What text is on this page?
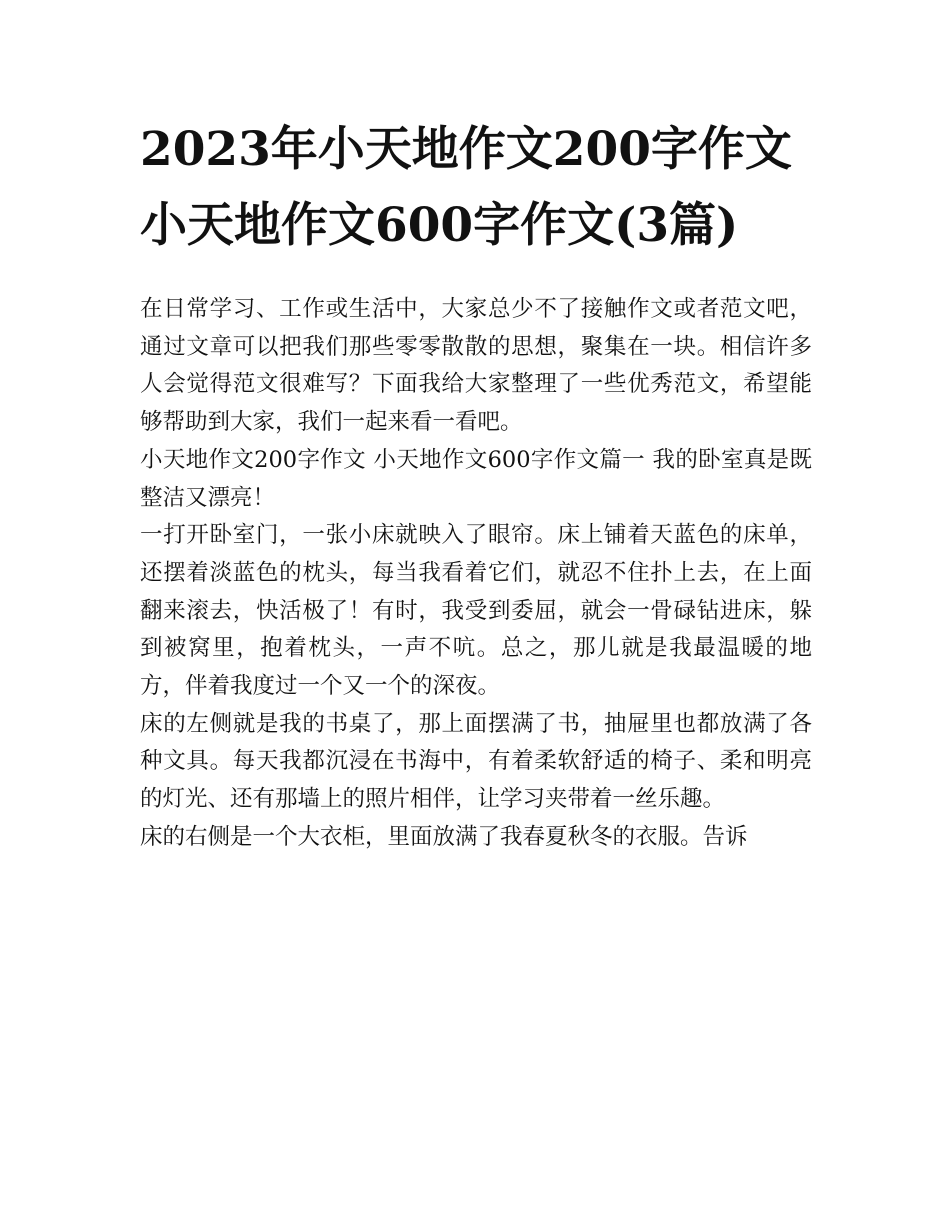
2023年小天地作文200字作文
小天地作文600字作文(3篇)

在日常学习、工作或生活中，大家总少不了接触作文或者范文吧，通过文章可以把我们那些零零散散的思想，聚集在一块。相信许多人会觉得范文很难写？下面我给大家整理了一些优秀范文，希望能够帮助到大家，我们一起来看一看吧。

小天地作文200字作文 小天地作文600字作文篇一 我的卧室真是既整洁又漂亮！

一打开卧室门，一张小床就映入了眼帘。床上铺着天蓝色的床单，还摆着淡蓝色的枕头，每当我看着它们，就忍不住扑上去，在上面翻来滚去，快活极了！有时，我受到委屈，就会一骨碌钻进床，躲到被窝里，抱着枕头，一声不吭。总之，那儿就是我最温暖的地方，伴着我度过一个又一个的深夜。

床的左侧就是我的书桌了，那上面摆满了书，抽屉里也都放满了各种文具。每天我都沉浸在书海中，有着柔软舒适的椅子、柔和明亮的灯光、还有那墙上的照片相伴，让学习夹带着一丝乐趣。

床的右侧是一个大衣柜，里面放满了我春夏秋冬的衣服。告诉
